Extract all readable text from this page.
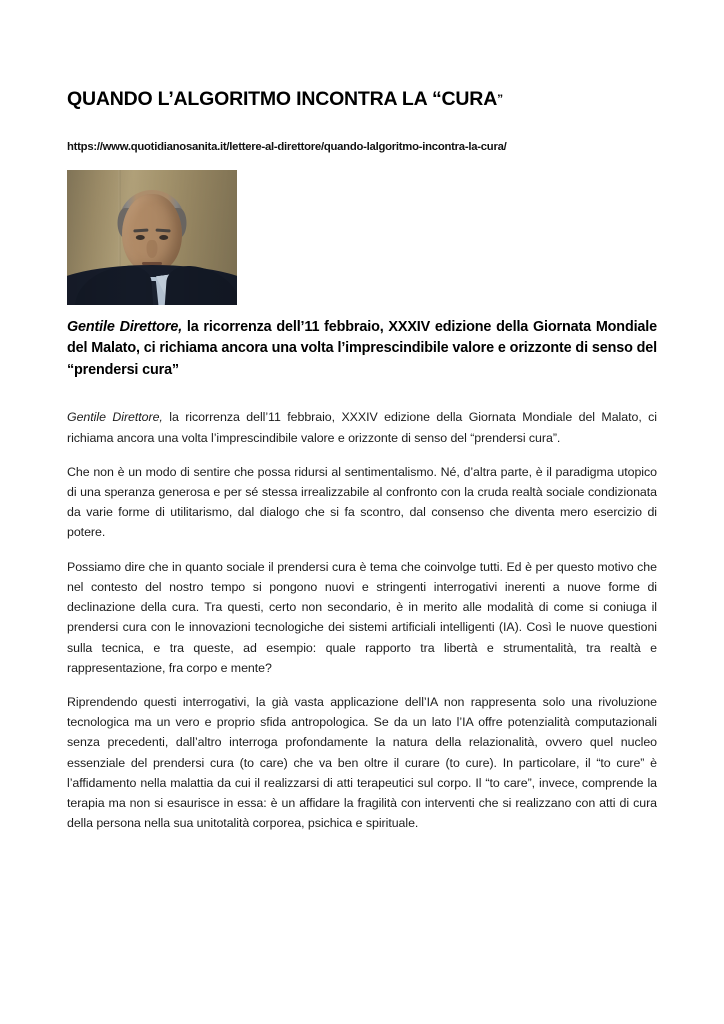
QUANDO L’ALGORITMO INCONTRA LA “CURA”
https://www.quotidianosanita.it/lettere-al-direttore/quando-lalgoritmo-incontra-la-cura/

Gentile Direttore, la ricorrenza dell’11 febbraio, XXXIV edizione della Giornata Mondiale del Malato, ci richiama ancora una volta l’imprescindibile valore e orizzonte di senso del “prendersi cura”

Gentile Direttore, la ricorrenza dell’11 febbraio, XXXIV edizione della Giornata Mondiale del Malato, ci richiama ancora una volta l’imprescindibile valore e orizzonte di senso del “prendersi cura”.

Che non è un modo di sentire che possa ridursi al sentimentalismo. Né, d’altra parte, è il paradigma utopico di una speranza generosa e per sé stessa irrealizzabile al confronto con la cruda realtà sociale condizionata da varie forme di utilitarismo, dal dialogo che si fa scontro, dal consenso che diventa mero esercizio di potere.

Possiamo dire che in quanto sociale il prendersi cura è tema che coinvolge tutti. Ed è per questo motivo che nel contesto del nostro tempo si pongono nuovi e stringenti interrogativi inerenti a nuove forme di declinazione della cura. Tra questi, certo non secondario, è in merito alle modalità di come si coniuga il prendersi cura con le innovazioni tecnologiche dei sistemi artificiali intelligenti (IA). Così le nuove questioni sulla tecnica, e tra queste, ad esempio: quale rapporto tra libertà e strumentalità, tra realtà e rappresentazione, fra corpo e mente?

Riprendendo questi interrogativi, la già vasta applicazione dell’IA non rappresenta solo una rivoluzione tecnologica ma un vero e proprio sfida antropologica. Se da un lato l’IA offre potenzialità computazionali senza precedenti, dall’altro interroga profondamente la natura della relazionalità, ovvero quel nucleo essenziale del prendersi cura (to care) che va ben oltre il curare (to cure). In particolare, il “to cure” è l’affidamento nella malattia da cui il realizzarsi di atti terapeutici sul corpo. Il “to care”, invece, comprende la terapia ma non si esaurisce in essa: è un affidare la fragilità con interventi che si realizzano con atti di cura della persona nella sua unitotalità corporea, psichica e spirituale.
